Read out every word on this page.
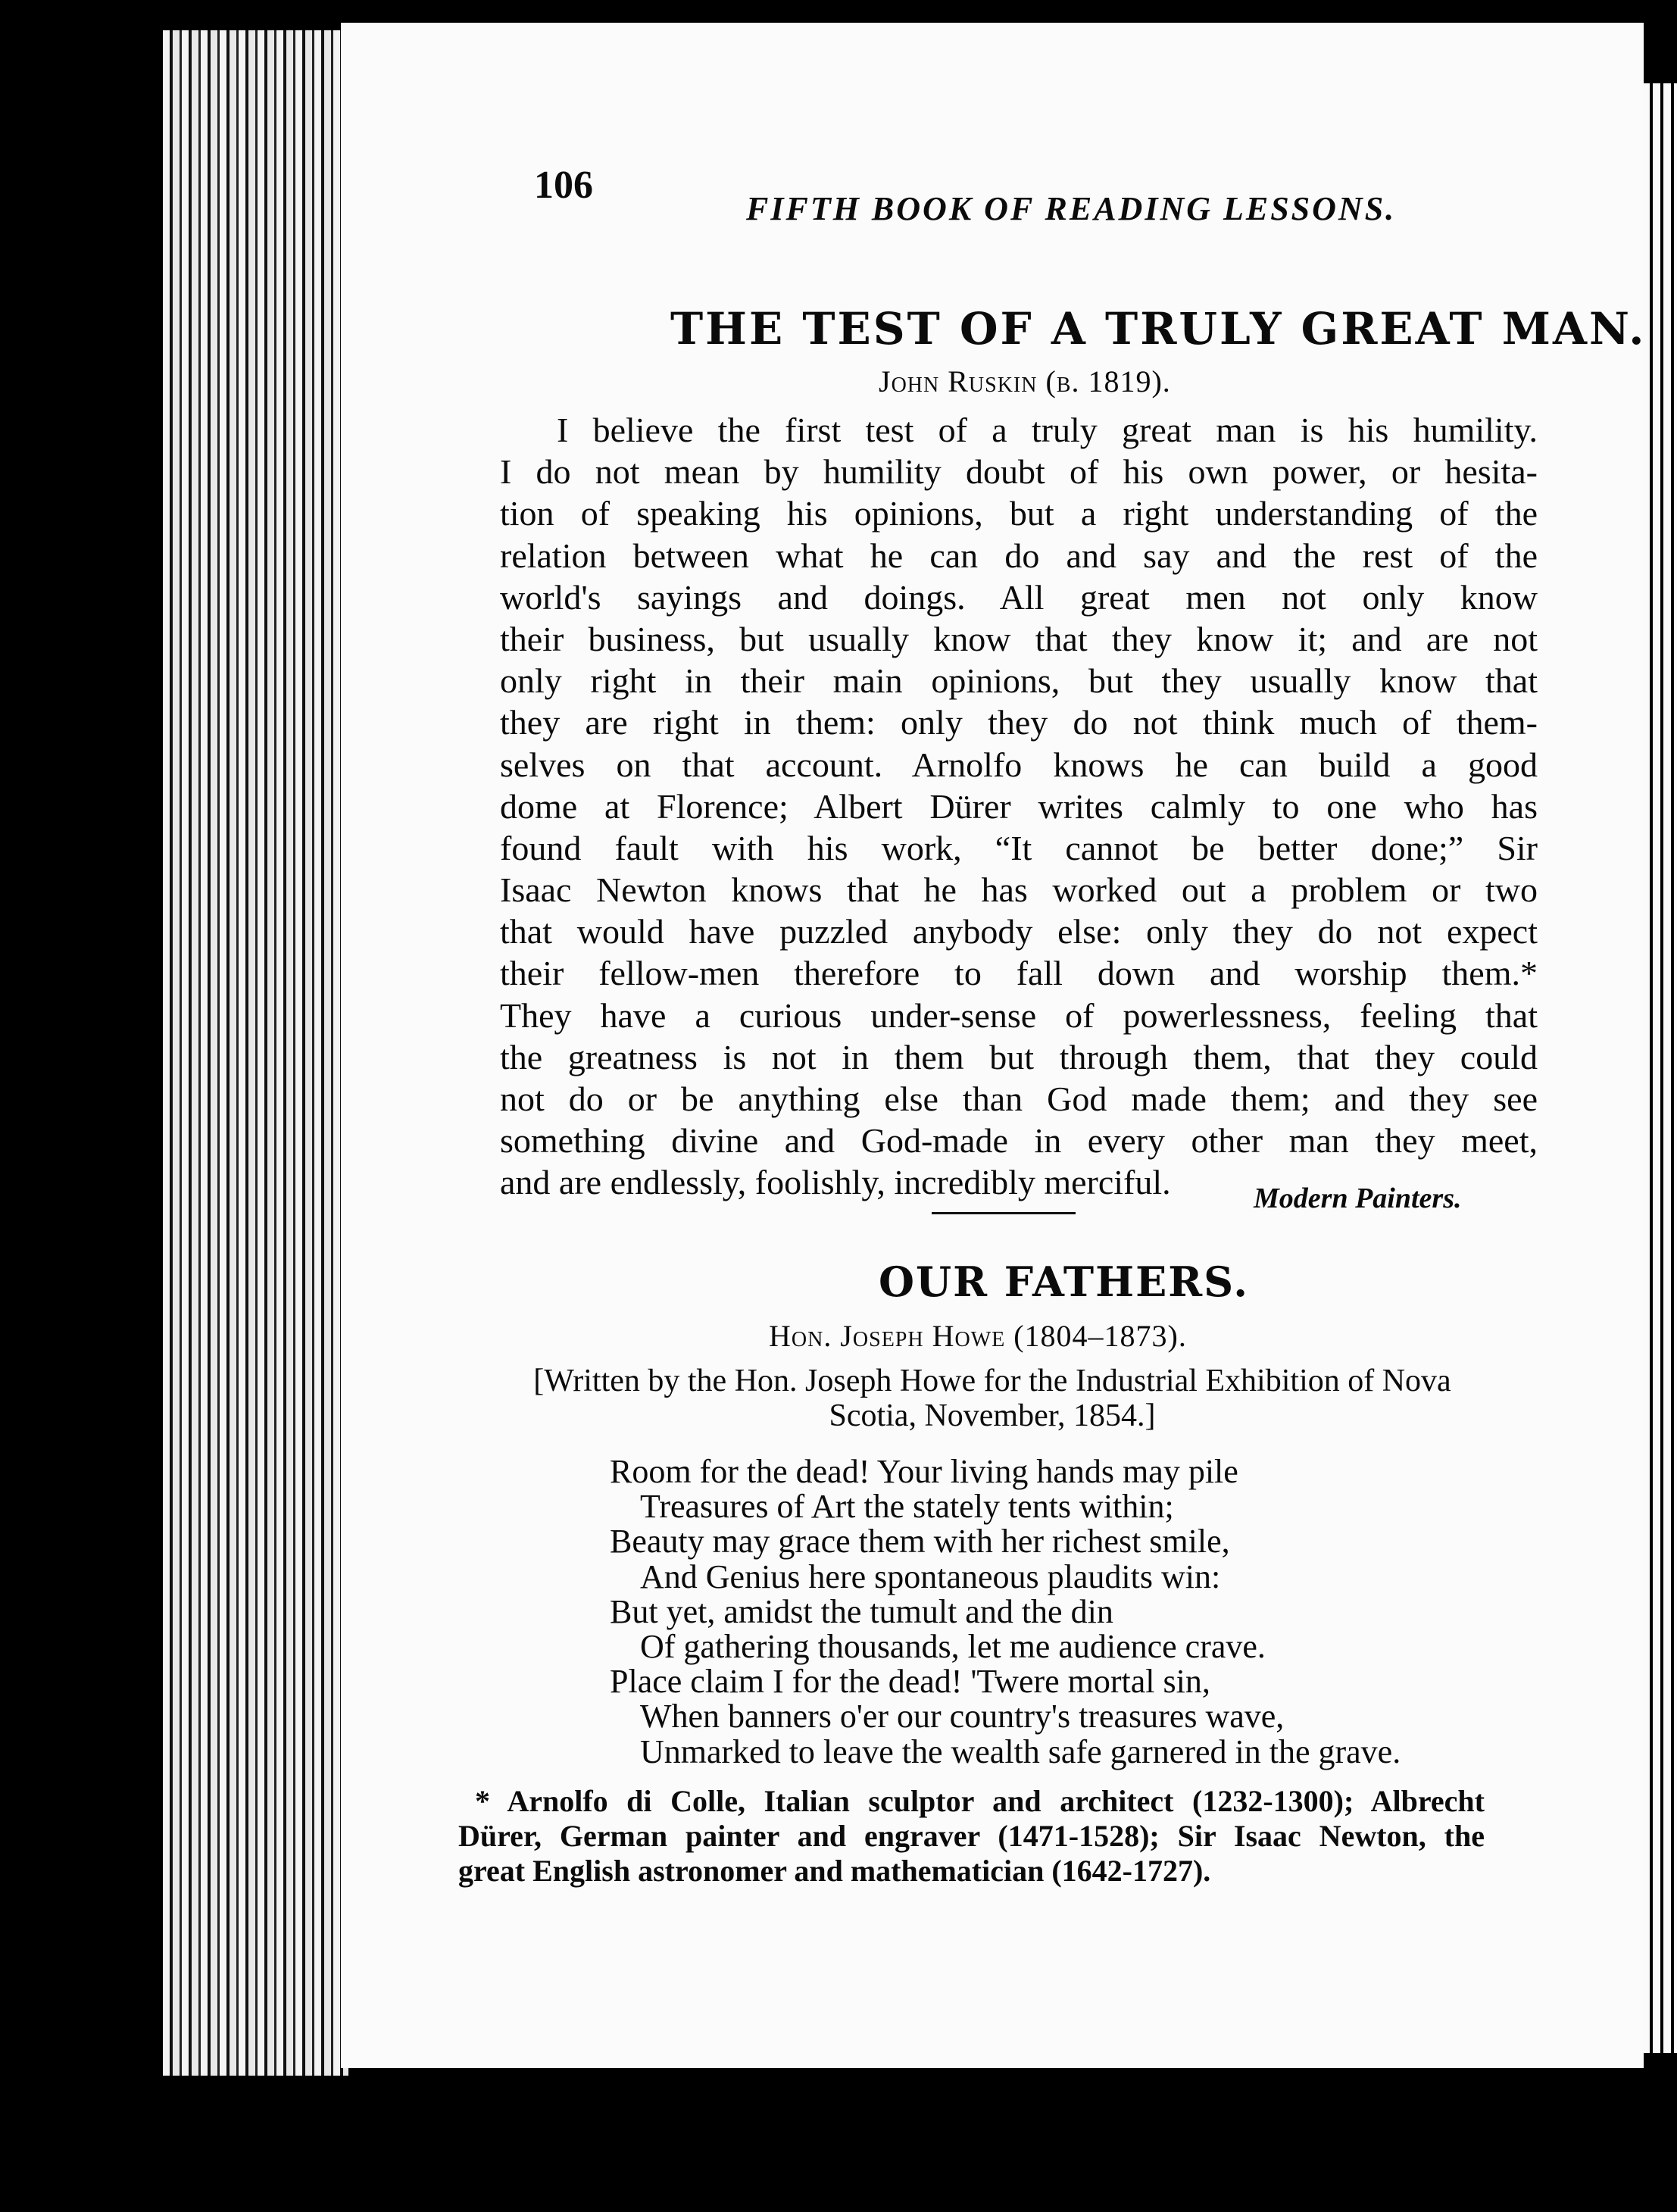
106

FIFTH BOOK OF READING LESSONS.

THE TEST OF A TRULY GREAT MAN.

John Ruskin (b. 1819).

I believe the first test of a truly great man is his humility.
I do not mean by humility doubt of his own power, or hesita-
tion of speaking his opinions, but a right understanding of the
relation between what he can do and say and the rest of the
world's sayings and doings. All great men not only know
their business, but usually know that they know it; and are not
only right in their main opinions, but they usually know that
they are right in them: only they do not think much of them-
selves on that account. Arnolfo knows he can build a good
dome at Florence; Albert Dürer writes calmly to one who has
found fault with his work, “It cannot be better done;” Sir
Isaac Newton knows that he has worked out a problem or two
that would have puzzled anybody else: only they do not expect
their fellow-men therefore to fall down and worship them.*
They have a curious under-sense of powerlessness, feeling that
the greatness is not in them but through them, that they could
not do or be anything else than God made them; and they see
something divine and God-made in every other man they meet,
and are endlessly, foolishly, incredibly merciful.	Modern Painters.

OUR FATHERS.

Hon. Joseph Howe (1804–1873).

[Written by the Hon. Joseph Howe for the Industrial Exhibition of Nova
Scotia, November, 1854.]
Room for the dead! Your living hands may pile
Treasures of Art the stately tents within;
Beauty may grace them with her richest smile,
And Genius here spontaneous plaudits win:
But yet, amidst the tumult and the din
Of gathering thousands, let me audience crave.
Place claim I for the dead! 'Twere mortal sin,
When banners o'er our country's treasures wave,
Unmarked to leave the wealth safe garnered in the grave.
* Arnolfo di Colle, Italian sculptor and architect (1232-1300); Albrecht
Dürer, German painter and engraver (1471-1528); Sir Isaac Newton, the
great English astronomer and mathematician (1642-1727).
